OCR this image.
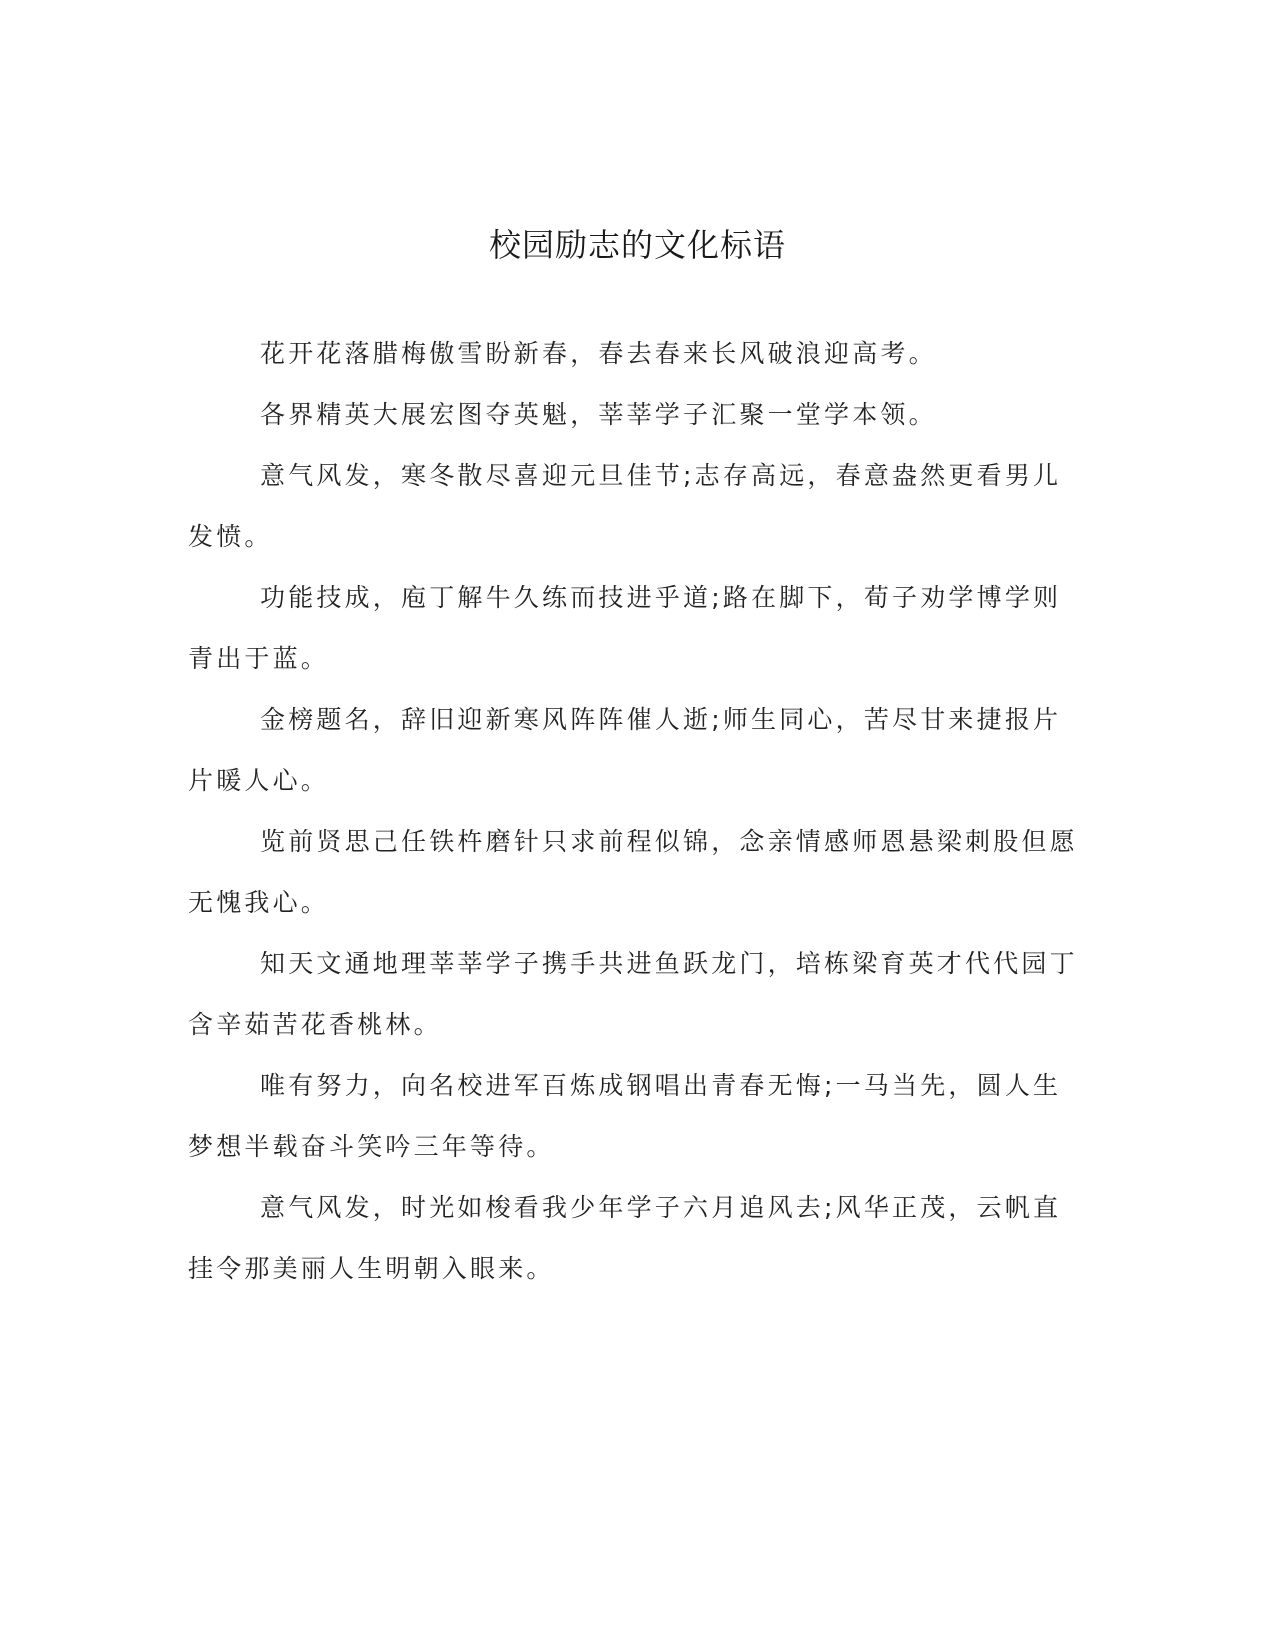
校园励志的文化标语

花开花落腊梅傲雪盼新春，春去春来长风破浪迎高考。

各界精英大展宏图夺英魁，莘莘学子汇聚一堂学本领。

意气风发，寒冬散尽喜迎元旦佳节;志存高远，春意盎然更看男儿发愤。

功能技成，庖丁解牛久练而技进乎道;路在脚下，荀子劝学博学则青出于蓝。

金榜题名，辞旧迎新寒风阵阵催人逝;师生同心，苦尽甘来捷报片片暖人心。

览前贤思己任铁杵磨针只求前程似锦，念亲情感师恩悬梁刺股但愿无愧我心。

知天文通地理莘莘学子携手共进鱼跃龙门，培栋梁育英才代代园丁含辛茹苦花香桃林。

唯有努力，向名校进军百炼成钢唱出青春无悔;一马当先，圆人生梦想半载奋斗笑吟三年等待。

意气风发，时光如梭看我少年学子六月追风去;风华正茂，云帆直挂令那美丽人生明朝入眼来。
